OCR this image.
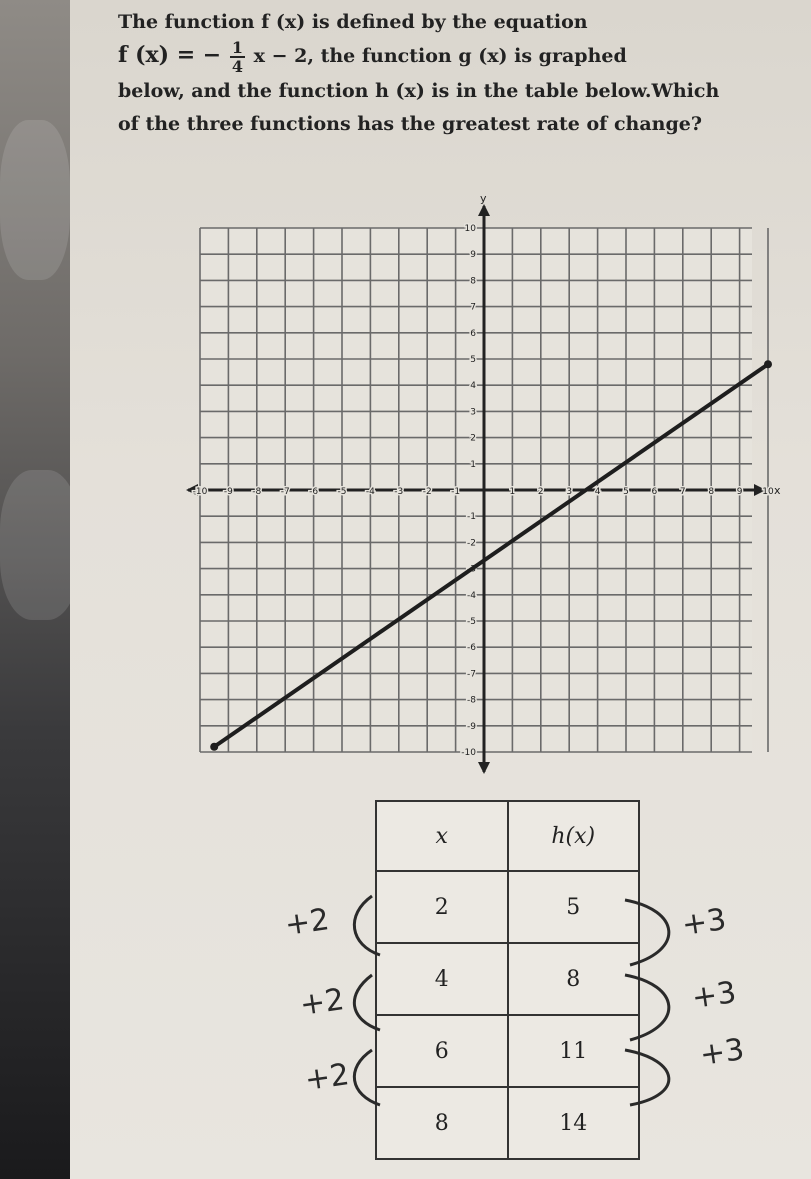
The function f (x) is defined by the equation
f (x) = − $\frac{1}{4}$ x − 2, the function g (x) is graphed
below, and the function h (x) is in the table below.Which
of the three functions has the greatest rate of change?
x
y
-10 -9 -8 -7 -6 -5 -4 -3 -2 -1	1	2	3	4	5	6	7	8	9 10
-10
-9
-8
-7
-6
-5
-4
-3
-2
-1
1
2
3
4
5
6
7
8
9
10
x	h(x)
2	5
4	8
6	11
8	14
+2
+2
+2
+3
+3
+3
